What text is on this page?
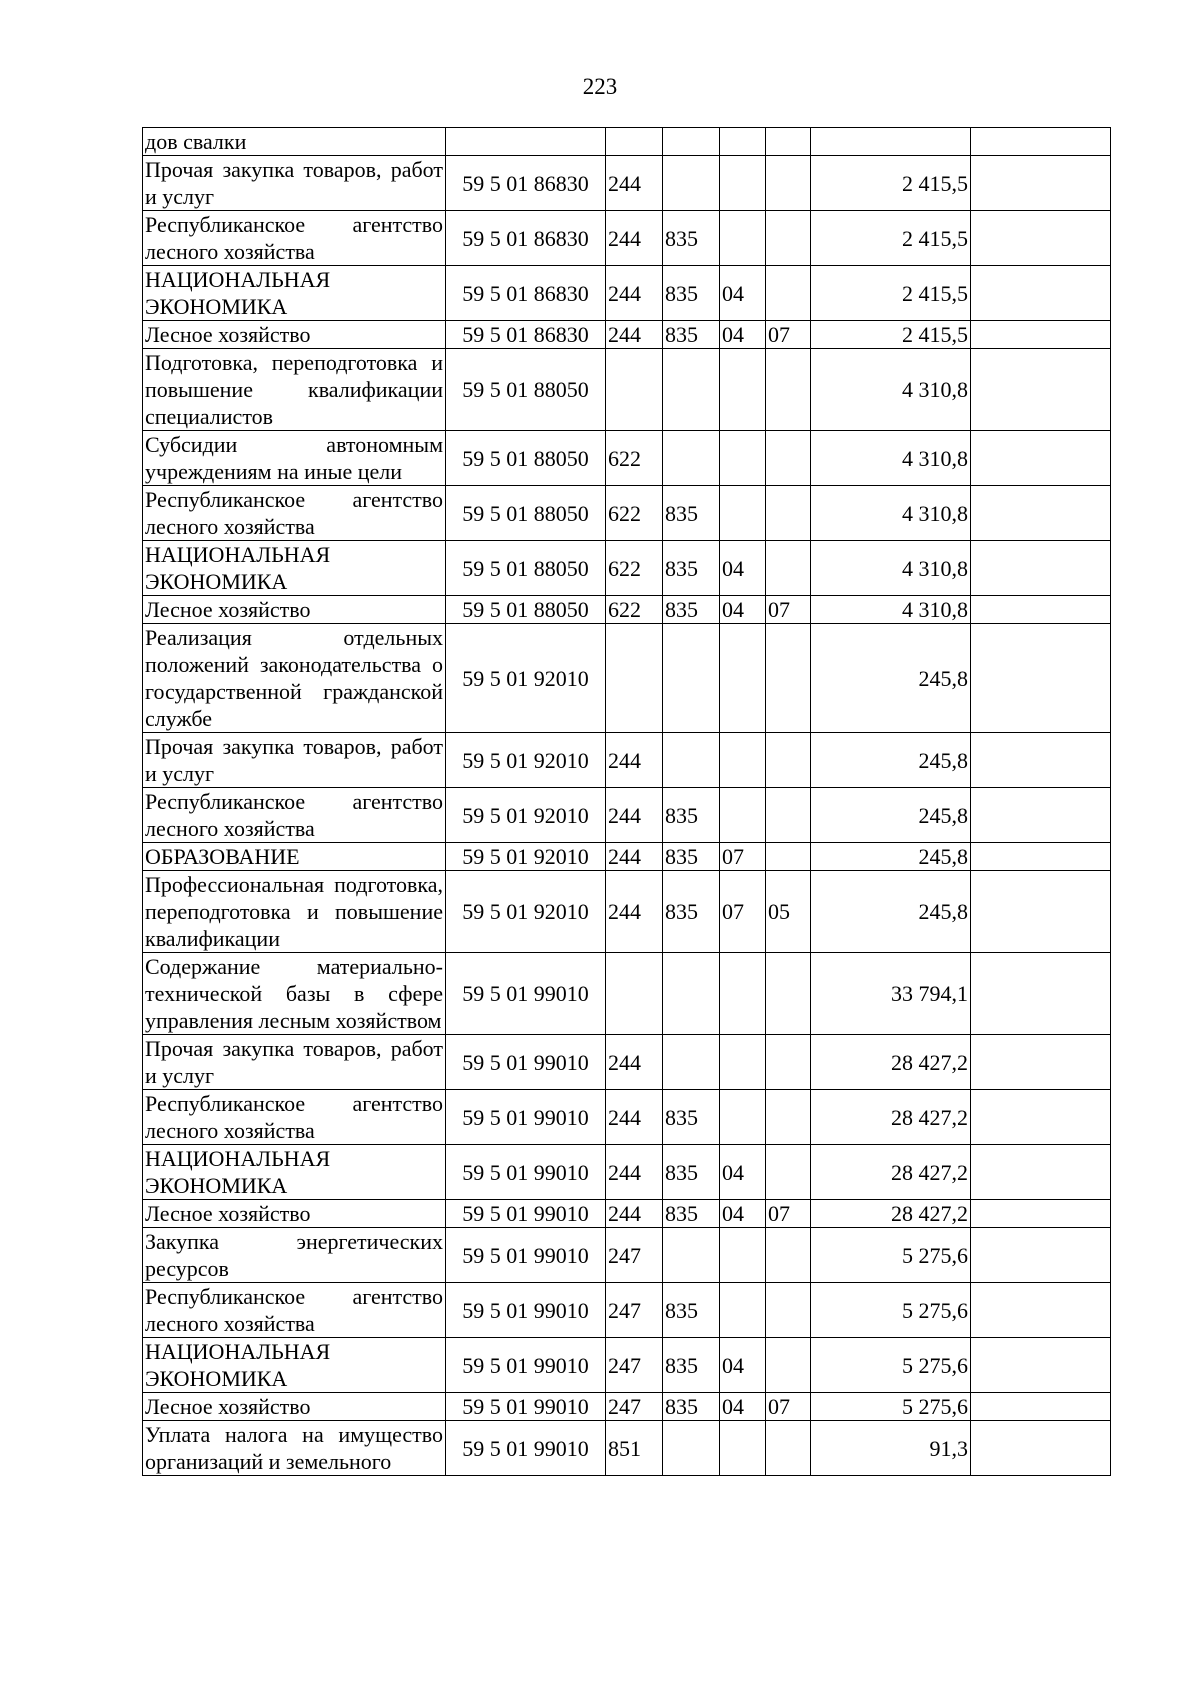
223
дов свалки							
Прочая закупка товаров, работ и услуг	59 5 01 86830	244				2 415,5	
Республиканское агентство лесного хозяйства	59 5 01 86830	244	835			2 415,5	
НАЦИОНАЛЬНАЯ ЭКОНОМИКА	59 5 01 86830	244	835	04		2 415,5	
Лесное хозяйство	59 5 01 86830	244	835	04	07	2 415,5	
Подготовка, переподготовка и повышение квалификации специалистов	59 5 01 88050					4 310,8	
Субсидии автономным учреждениям на иные цели	59 5 01 88050	622				4 310,8	
Республиканское агентство лесного хозяйства	59 5 01 88050	622	835			4 310,8	
НАЦИОНАЛЬНАЯ ЭКОНОМИКА	59 5 01 88050	622	835	04		4 310,8	
Лесное хозяйство	59 5 01 88050	622	835	04	07	4 310,8	
Реализация отдельных положений законодательства о государственной гражданской службе	59 5 01 92010					245,8	
Прочая закупка товаров, работ и услуг	59 5 01 92010	244				245,8	
Республиканское агентство лесного хозяйства	59 5 01 92010	244	835			245,8	
ОБРАЗОВАНИЕ	59 5 01 92010	244	835	07		245,8	
Профессиональная подготовка, переподготовка и повышение квалификации	59 5 01 92010	244	835	07	05	245,8	
Содержание материально-технической базы в сфере управления лесным хозяйством	59 5 01 99010					33 794,1	
Прочая закупка товаров, работ и услуг	59 5 01 99010	244				28 427,2	
Республиканское агентство лесного хозяйства	59 5 01 99010	244	835			28 427,2	
НАЦИОНАЛЬНАЯ ЭКОНОМИКА	59 5 01 99010	244	835	04		28 427,2	
Лесное хозяйство	59 5 01 99010	244	835	04	07	28 427,2	
Закупка энергетических ресурсов	59 5 01 99010	247				5 275,6	
Республиканское агентство лесного хозяйства	59 5 01 99010	247	835			5 275,6	
НАЦИОНАЛЬНАЯ ЭКОНОМИКА	59 5 01 99010	247	835	04		5 275,6	
Лесное хозяйство	59 5 01 99010	247	835	04	07	5 275,6	
Уплата налога на имущество организаций и земельного	59 5 01 99010	851				91,3	
